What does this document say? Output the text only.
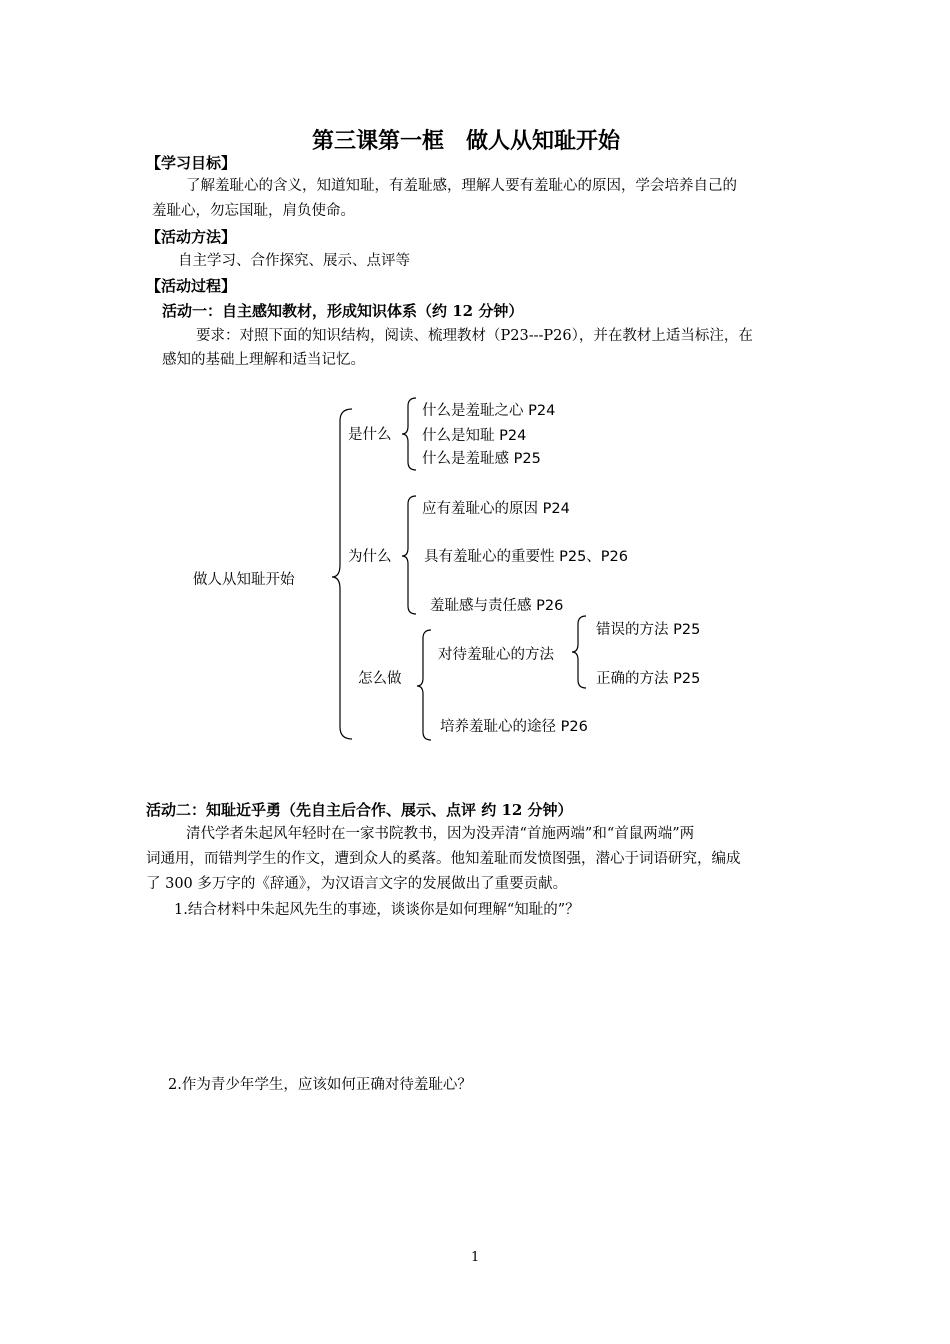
第三课第一框　做人从知耻开始
【学习目标】
了解羞耻心的含义，知道知耻，有羞耻感，理解人要有羞耻心的原因，学会培养自己的
羞耻心，勿忘国耻，肩负使命。
【活动方法】
自主学习、合作探究、展示、点评等
【活动过程】
活动一：自主感知教材，形成知识体系（约 12 分钟）
要求：对照下面的知识结构，阅读、梳理教材（P23---P26），并在教材上适当标注，在
感知的基础上理解和适当记忆。
做人从知耻开始
是什么
什么是羞耻之心 P24
什么是知耻 P24
什么是羞耻感 P25
为什么
应有羞耻心的原因 P24
具有羞耻心的重要性 P25、P26
羞耻感与责任感 P26
怎么做
对待羞耻心的方法
错误的方法 P25
正确的方法 P25
培养羞耻心的途径 P26
活动二：知耻近乎勇（先自主后合作、展示、点评 约 12 分钟）
清代学者朱起风年轻时在一家书院教书，因为没弄清“首施两端”和“首鼠两端”两
词通用，而错判学生的作文，遭到众人的奚落。他知羞耻而发愤图强，潜心于词语研究，编成
了 300 多万字的《辞通》，为汉语言文字的发展做出了重要贡献。
1.结合材料中朱起风先生的事迹，谈谈你是如何理解“知耻的”？
2.作为青少年学生，应该如何正确对待羞耻心？
1
